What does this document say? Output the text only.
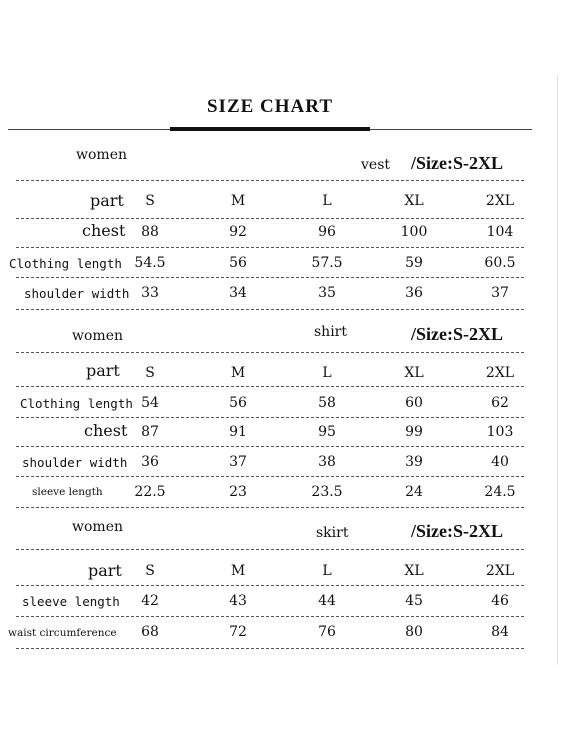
SIZE CHART
women
vest /Size:S-2XL
part	S	M	L	XL	2XL
chest	88	92	96	100	104
Clothing length 54.5	56	57.5	59	60.5
shoulder width 33	34	35	36	37
women	shirt	/Size:S-2XL
part	S	M	L	XL	2XL
Clothing length 54	56	58	60	62
chest 87	91	95	99	103
shoulder width 36	37	38	39	40
sleeve length	22.5	23	23.5	24	24.5
women	skirt	/Size:S-2XL
part	S	M	L	XL	2XL
sleeve length	42	43	44	45	46
waist circumference	68	72	76	80	84
